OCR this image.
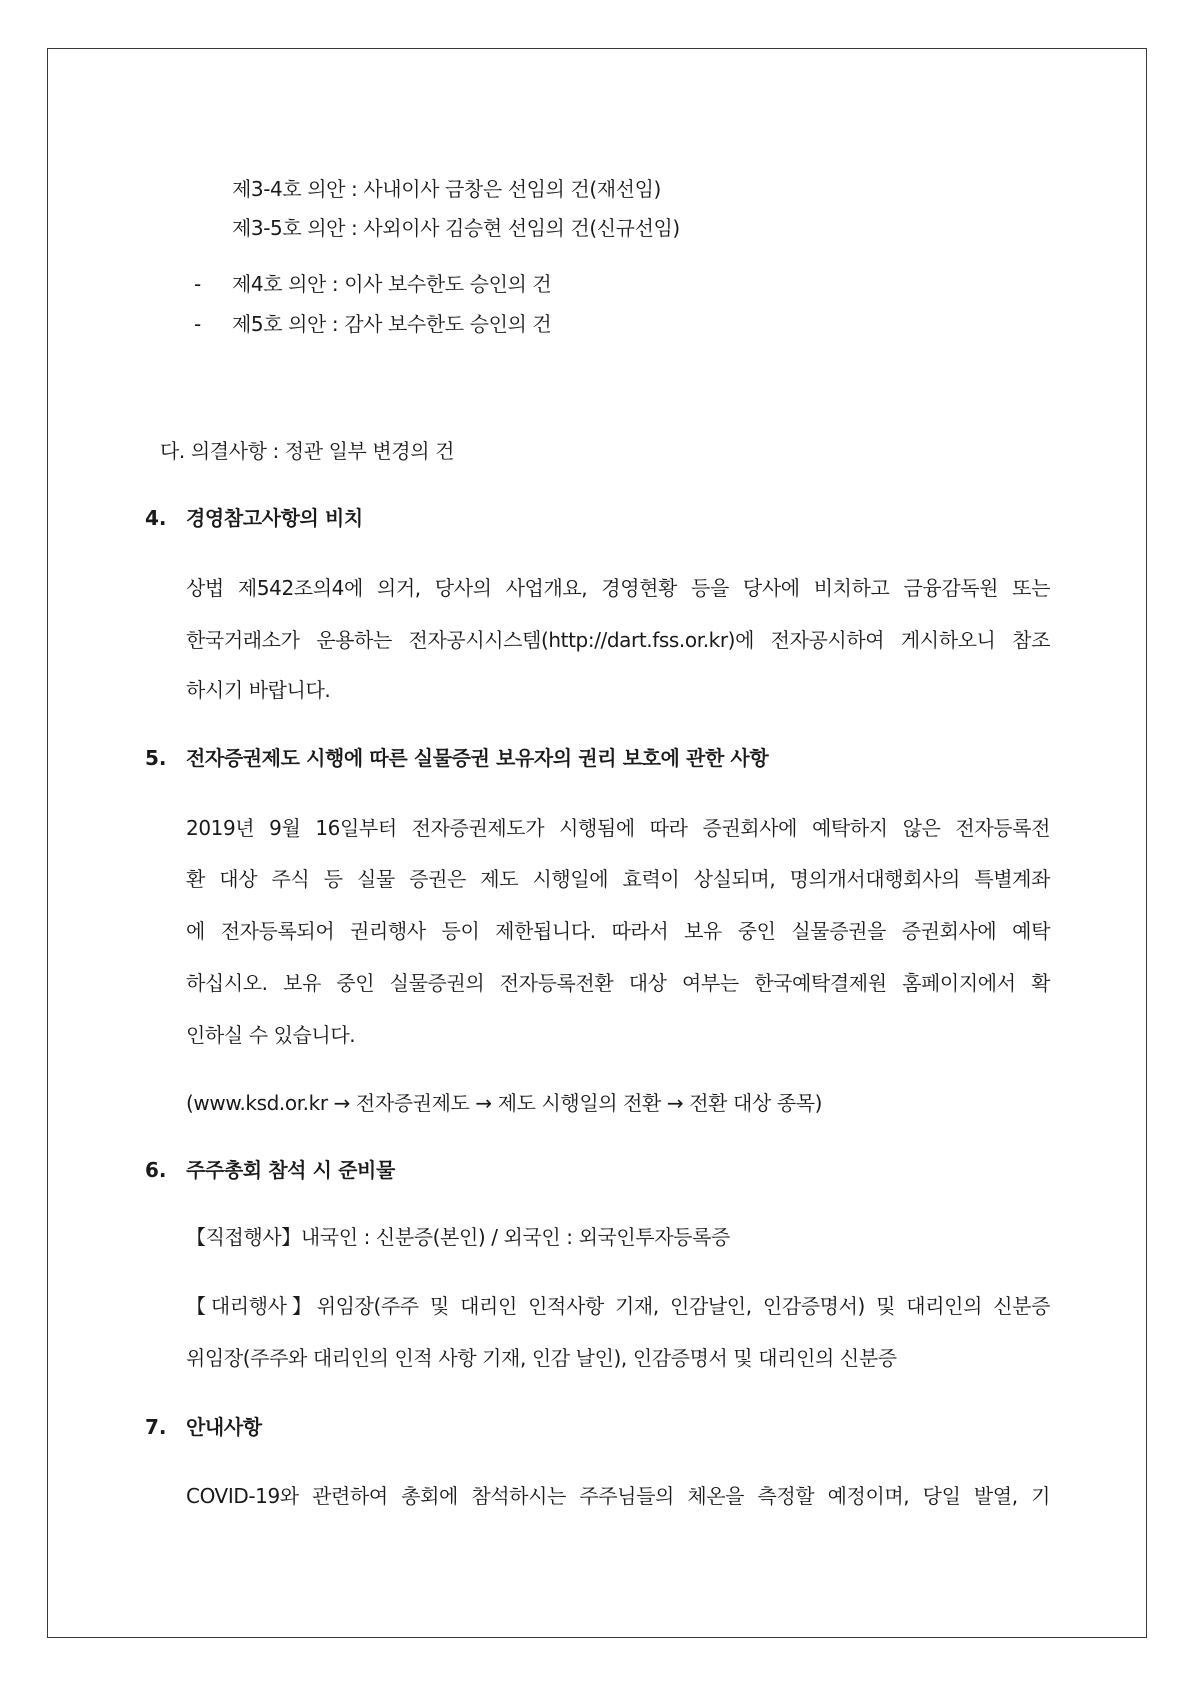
제3-4호 의안 : 사내이사 금창은 선임의 건(재선임)
제3-5호 의안 : 사외이사 김승현 선임의 건(신규선임)
- 제4호 의안 : 이사 보수한도 승인의 건
- 제5호 의안 : 감사 보수한도 승인의 건
다. 의결사항 : 정관 일부 변경의 건
4. 경영참고사항의 비치
상법 제542조의4에 의거, 당사의 사업개요, 경영현황 등을 당사에 비치하고 금융감독원 또는
한국거래소가 운용하는 전자공시시스템(http://dart.fss.or.kr)에 전자공시하여 게시하오니 참조
하시기 바랍니다.
5. 전자증권제도 시행에 따른 실물증권 보유자의 권리 보호에 관한 사항
2019년 9월 16일부터 전자증권제도가 시행됨에 따라 증권회사에 예탁하지 않은 전자등록전
환 대상 주식 등 실물 증권은 제도 시행일에 효력이 상실되며, 명의개서대행회사의 특별계좌
에 전자등록되어 권리행사 등이 제한됩니다. 따라서 보유 중인 실물증권을 증권회사에 예탁
하십시오. 보유 중인 실물증권의 전자등록전환 대상 여부는 한국예탁결제원 홈페이지에서 확
인하실 수 있습니다.
(www.ksd.or.kr → 전자증권제도 → 제도 시행일의 전환 → 전환 대상 종목)
6. 주주총회 참석 시 준비물
【직접행사】내국인 : 신분증(본인) / 외국인 : 외국인투자등록증
【대리행사】위임장(주주 및 대리인 인적사항 기재, 인감날인, 인감증명서) 및 대리인의 신분증
위임장(주주와 대리인의 인적 사항 기재, 인감 날인), 인감증명서 및 대리인의 신분증
7. 안내사항
COVID-19와 관련하여 총회에 참석하시는 주주님들의 체온을 측정할 예정이며, 당일 발열, 기
